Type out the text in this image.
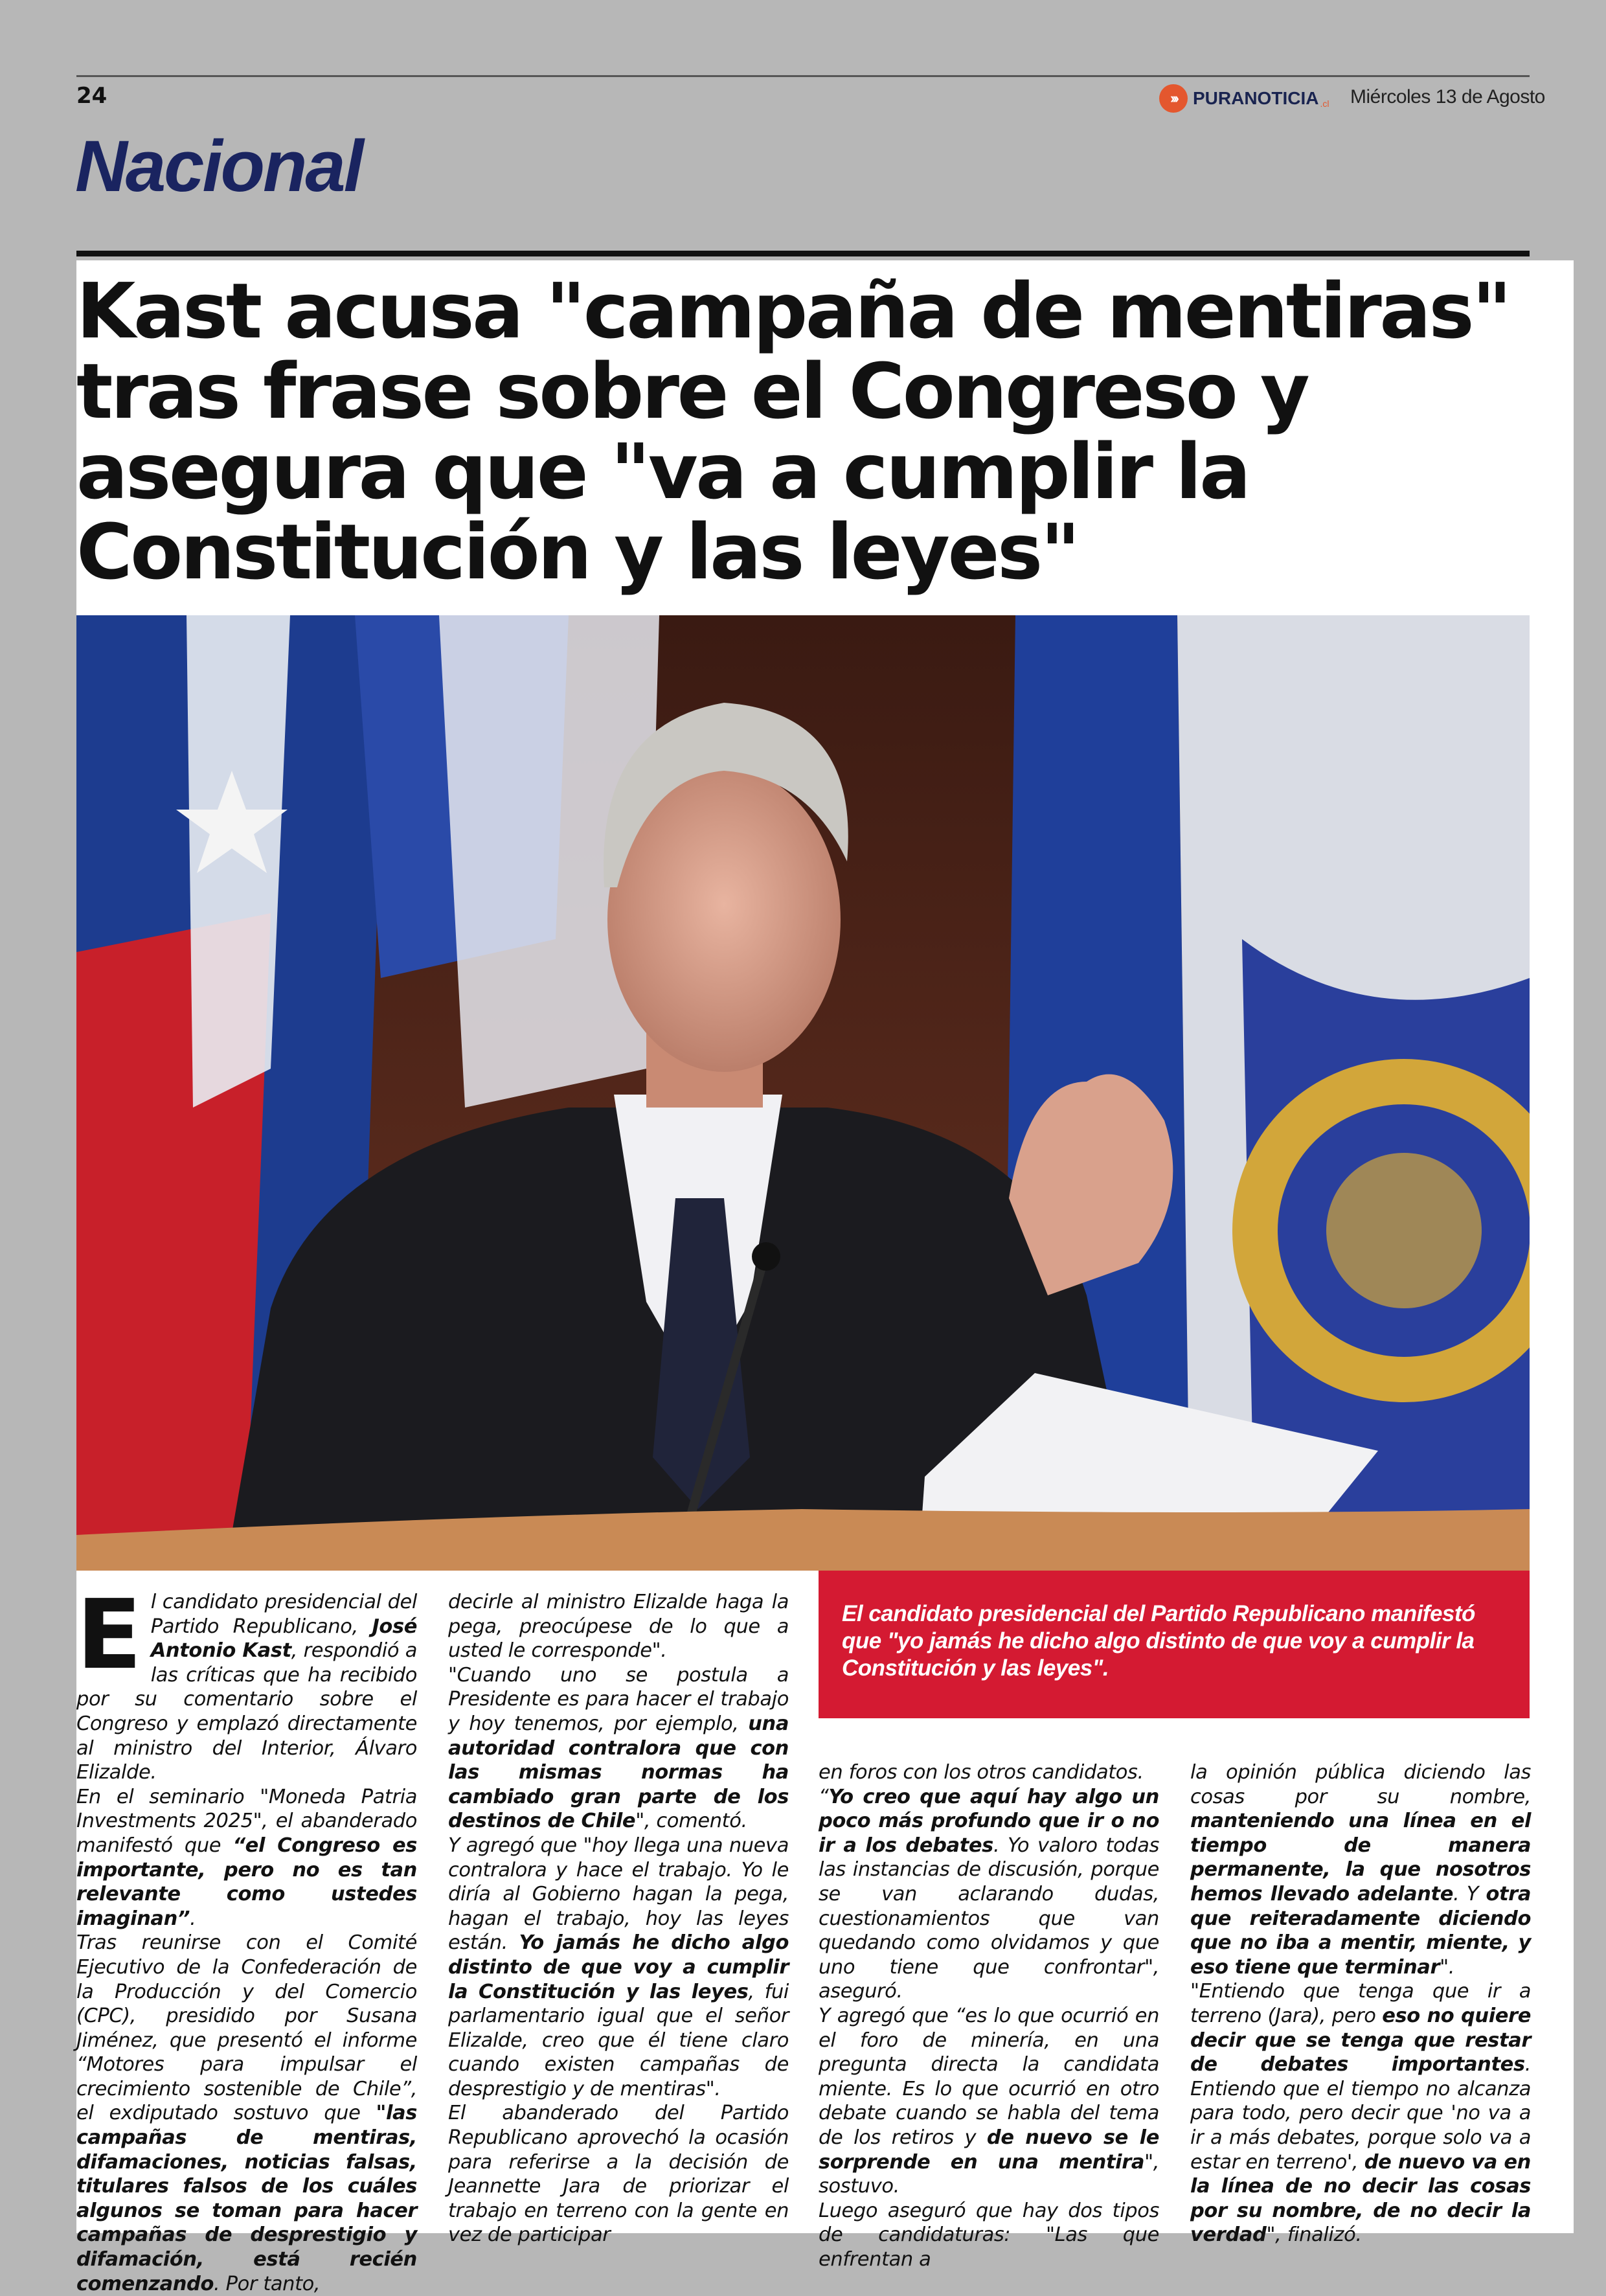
24	››› PURANOTICIA .cl Miércoles 13 de Agosto
Nacional
Kast acusa "campaña de mentiras" tras frase sobre el Congreso y asegura que "va a cumplir la Constitución y las leyes"
El candidato presidencial del Partido Republicano manifestó que "yo jamás he dicho algo distinto de que voy a cumplir la Constitución y las leyes".
E l candidato presidencial del Partido Republicano, José Antonio Kast, respondió a las críticas que ha recibido por su comentario sobre el Congreso y emplazó directamente al ministro del Interior, Álvaro Elizalde.

En el seminario "Moneda Patria Investments 2025", el abanderado manifestó que “el Congreso es importante, pero no es tan relevante como ustedes imaginan”.

Tras reunirse con el Comité Ejecutivo de la Confederación de la Producción y del Comercio (CPC), presidido por Susana Jiménez, que presentó el informe “Motores para impulsar el crecimiento sostenible de Chile”, el exdiputado sostuvo que "las campañas de mentiras, difamaciones, noticias falsas, titulares falsos de los cuáles algunos se toman para hacer campañas de desprestigio y difamación, está recién comenzando. Por tanto,

decirle al ministro Elizalde haga la pega, preocúpese de lo que a usted le corresponde".

"Cuando uno se postula a Presidente es para hacer el trabajo y hoy tenemos, por ejemplo, una autoridad contralora que con las mismas normas ha cambiado gran parte de los destinos de Chile", comentó.

Y agregó que "hoy llega una nueva contralora y hace el trabajo. Yo le diría al Gobierno hagan la pega, hagan el trabajo, hoy las leyes están. Yo jamás he dicho algo distinto de que voy a cumplir la Constitución y las leyes, fui parlamentario igual que el señor Elizalde, creo que él tiene claro cuando existen campañas de desprestigio y de mentiras".

El abanderado del Partido Republicano aprovechó la ocasión para referirse a la decisión de Jeannette Jara de priorizar el trabajo en terreno con la gente en vez de participar

en foros con los otros candidatos.

“Yo creo que aquí hay algo un poco más profundo que ir o no ir a los debates. Yo valoro todas las instancias de discusión, porque se van aclarando dudas, cuestionamientos que van quedando como olvidamos y que uno tiene que confrontar", aseguró.

Y agregó que “es lo que ocurrió en el foro de minería, en una pregunta directa la candidata miente. Es lo que ocurrió en otro debate cuando se habla del tema de los retiros y de nuevo se le sorprende en una mentira", sostuvo.

Luego aseguró que hay dos tipos de candidaturas: "Las que enfrentan a

la opinión pública diciendo las cosas por su nombre, manteniendo una línea en el tiempo de manera permanente, la que nosotros hemos llevado adelante. Y otra que reiteradamente diciendo que no iba a mentir, miente, y eso tiene que terminar".

"Entiendo que tenga que ir a terreno (Jara), pero eso no quiere decir que se tenga que restar de debates importantes. Entiendo que el tiempo no alcanza para todo, pero decir que 'no va a ir a más debates, porque solo va a estar en terreno', de nuevo va en la línea de no decir las cosas por su nombre, de no decir la verdad", finalizó.
